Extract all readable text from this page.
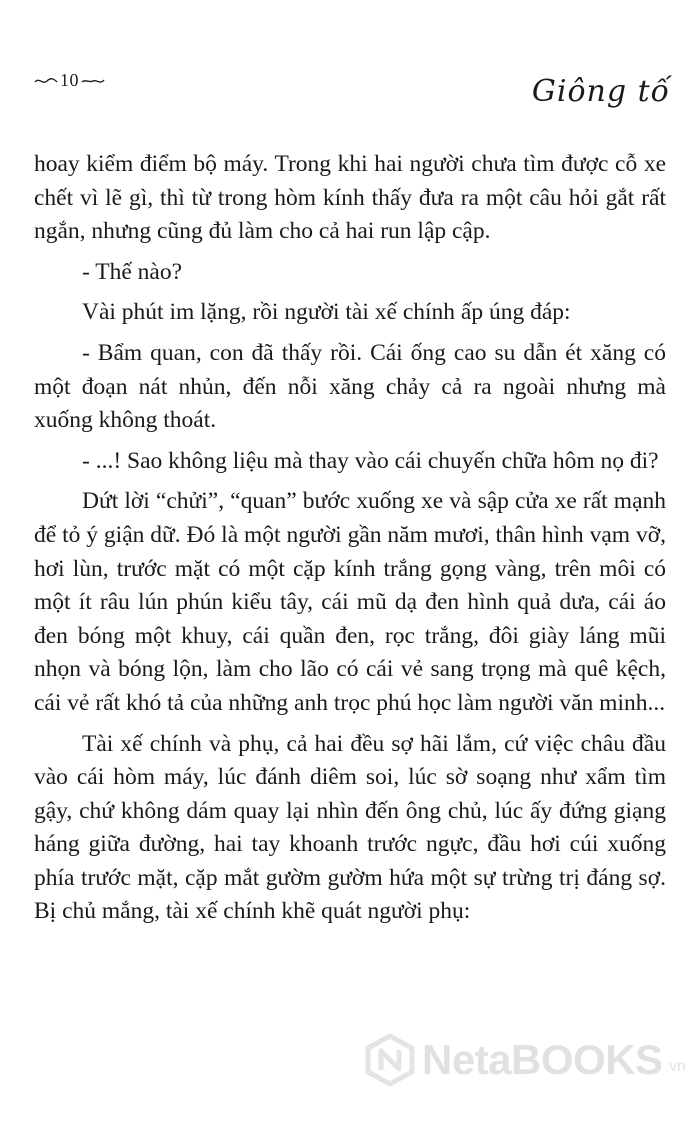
10	Giông tố

hoay kiểm điểm bộ máy. Trong khi hai người chưa tìm được cỗ xe chết vì lẽ gì, thì từ trong hòm kính thấy đưa ra một câu hỏi gắt rất ngắn, nhưng cũng đủ làm cho cả hai run lập cập.

- Thế nào?

Vài phút im lặng, rồi người tài xế chính ấp úng đáp:

- Bẩm quan, con đã thấy rồi. Cái ống cao su dẫn ét xăng có một đoạn nát nhủn, đến nỗi xăng chảy cả ra ngoài nhưng mà xuống không thoát.

- ...! Sao không liệu mà thay vào cái chuyến chữa hôm nọ đi?

Dứt lời “chửi”, “quan” bước xuống xe và sập cửa xe rất mạnh để tỏ ý giận dữ. Đó là một người gần năm mươi, thân hình vạm vỡ, hơi lùn, trước mặt có một cặp kính trắng gọng vàng, trên môi có một ít râu lún phún kiểu tây, cái mũ dạ đen hình quả dưa, cái áo đen bóng một khuy, cái quần đen, rọc trắng, đôi giày láng mũi nhọn và bóng lộn, làm cho lão có cái vẻ sang trọng mà quê kệch, cái vẻ rất khó tả của những anh trọc phú học làm người văn minh...

Tài xế chính và phụ, cả hai đều sợ hãi lắm, cứ việc châu đầu vào cái hòm máy, lúc đánh diêm soi, lúc sờ soạng như xẩm tìm gậy, chứ không dám quay lại nhìn đến ông chủ, lúc ấy đứng giạng háng giữa đường, hai tay khoanh trước ngực, đầu hơi cúi xuống phía trước mặt, cặp mắt gườm gườm hứa một sự trừng trị đáng sợ. Bị chủ mắng, tài xế chính khẽ quát người phụ:

NetaBOOKS .vn
